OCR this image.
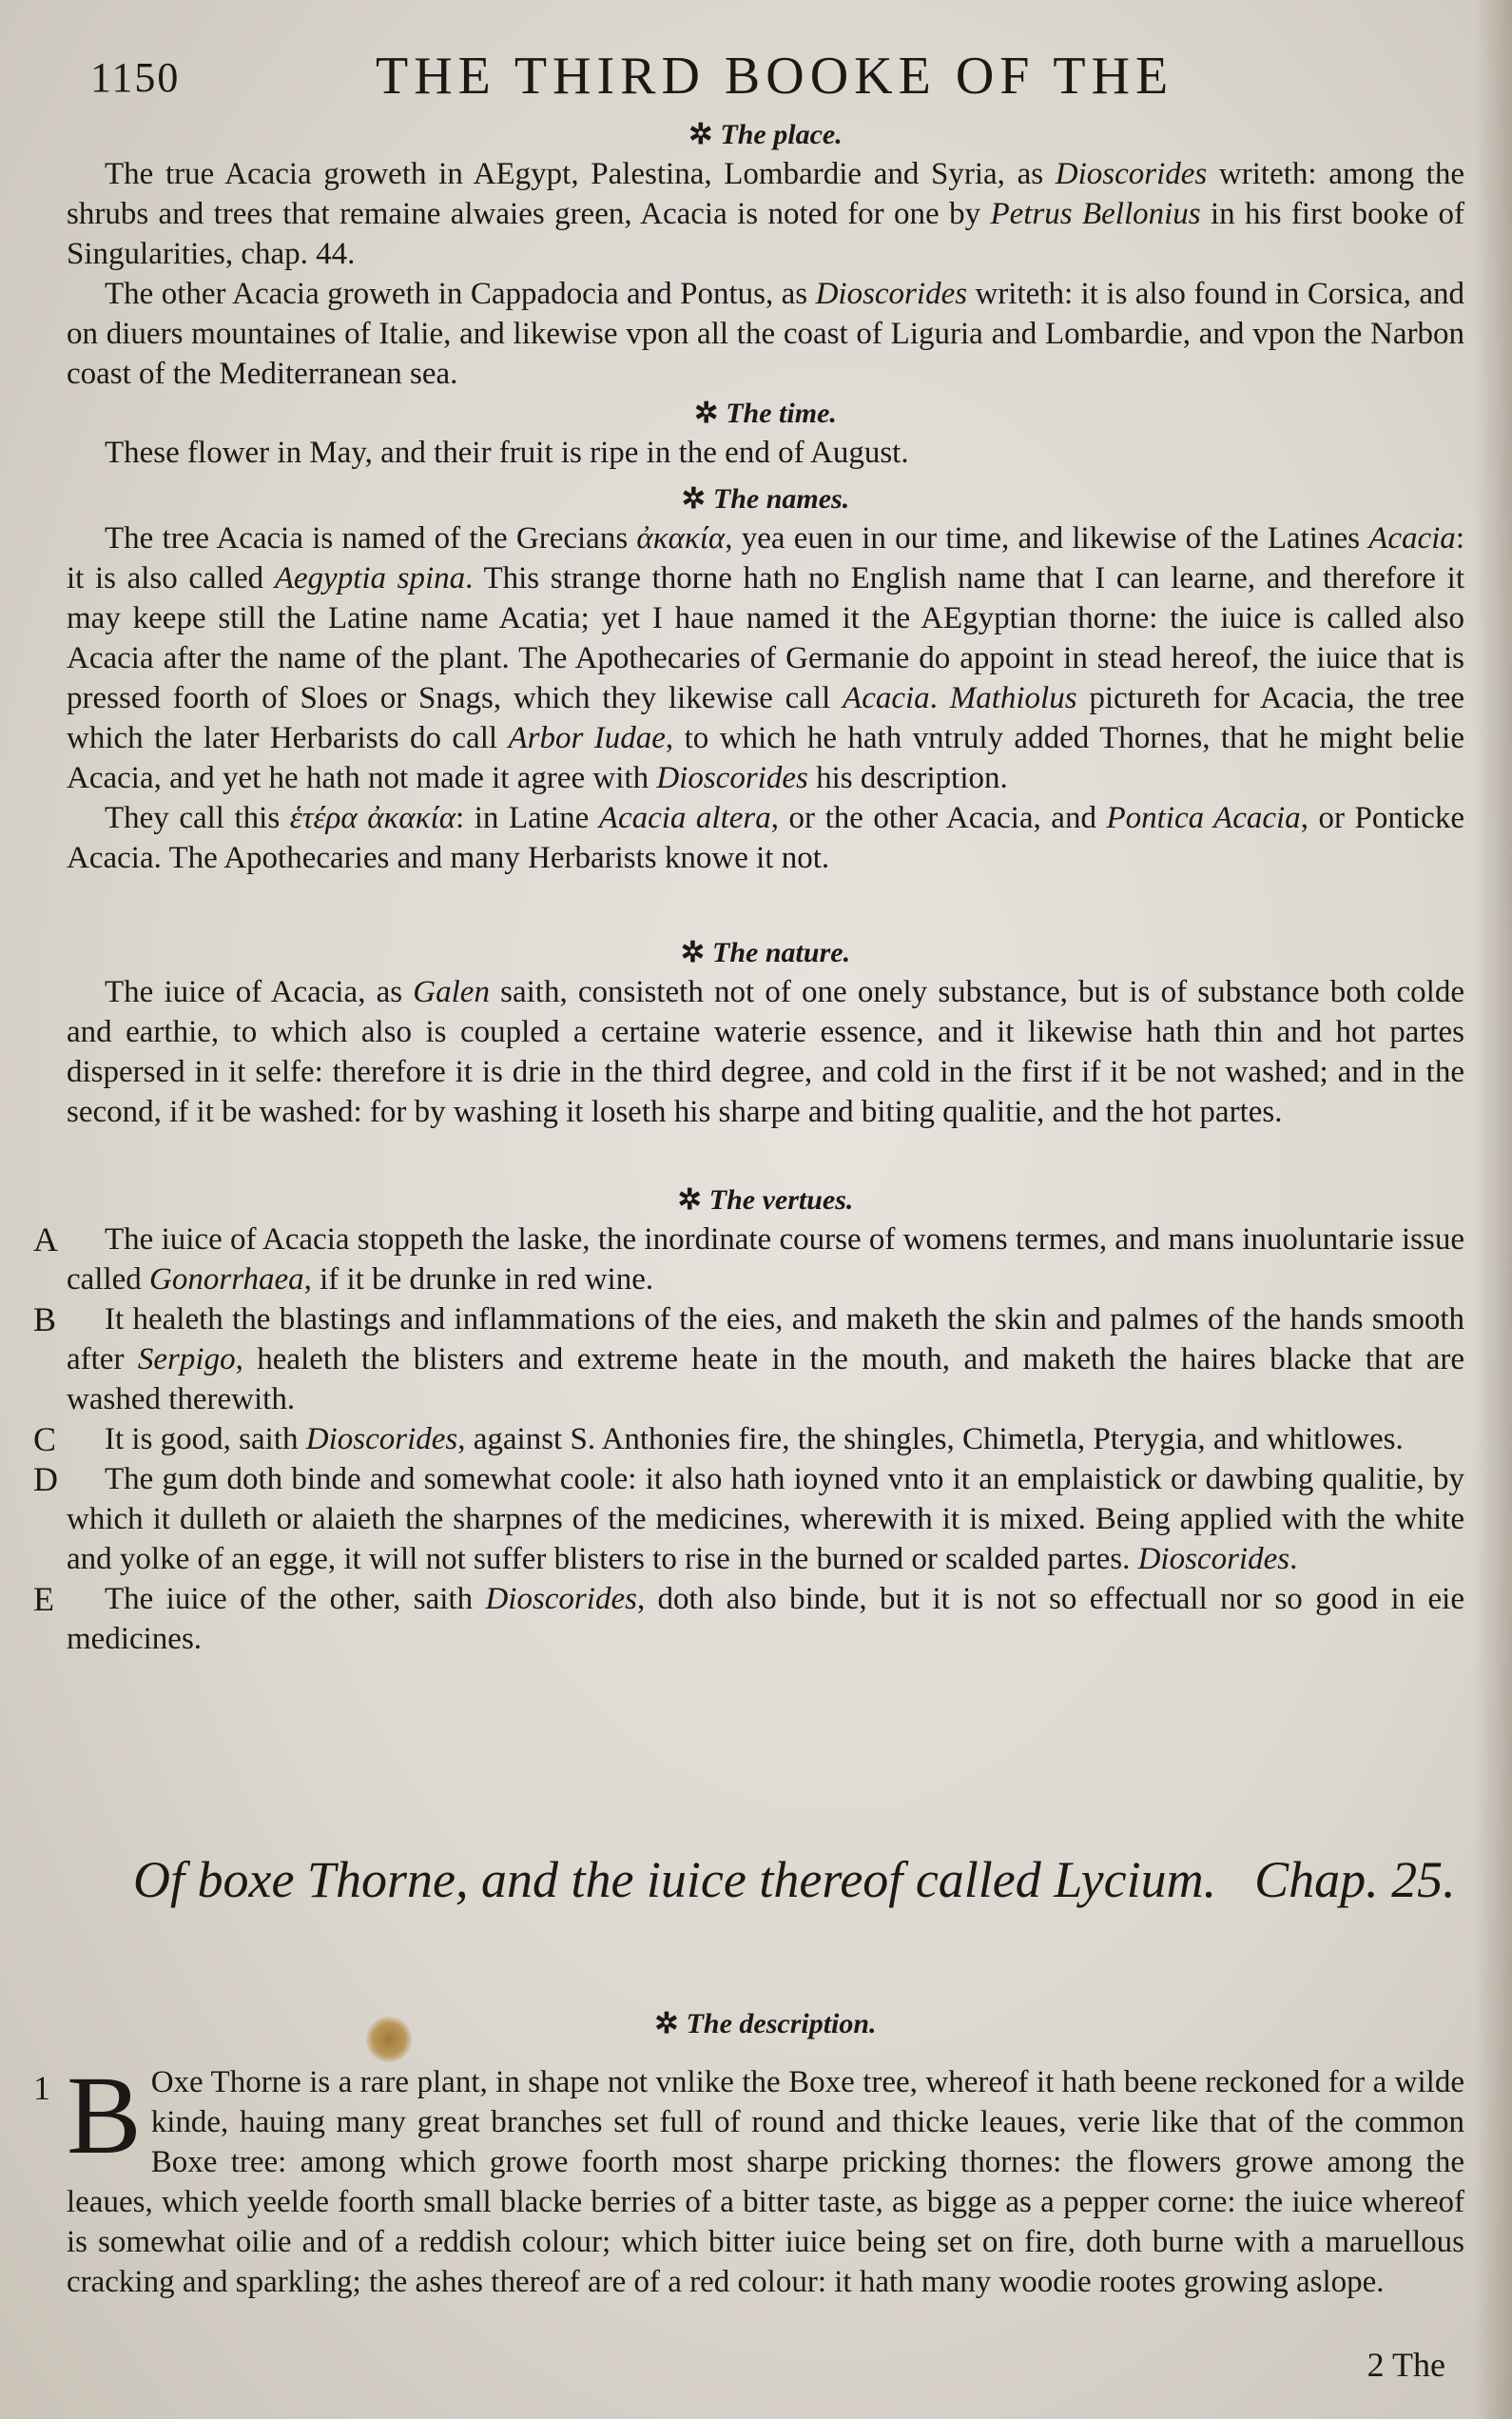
1150	THE THIRD BOOKE OF THE
✲ The place.

The true Acacia groweth in AEgypt, Palestina, Lombardie and Syria, as Dioscorides writeth: among the shrubs and trees that remaine alwaies green, Acacia is noted for one by Petrus Bellonius in his first booke of Singularities, chap. 44.

The other Acacia groweth in Cappadocia and Pontus, as Dioscorides writeth: it is also found in Corsica, and on diuers mountaines of Italie, and likewise vpon all the coast of Liguria and Lombardie, and vpon the Narbon coast of the Mediterranean sea.

✲ The time.

These flower in May, and their fruit is ripe in the end of August.

✲ The names.

The tree Acacia is named of the Grecians ἀκακία, yea euen in our time, and likewise of the Latines Acacia: it is also called Aegyptia spina. This strange thorne hath no English name that I can learne, and therefore it may keepe still the Latine name Acatia; yet I haue named it the AEgyptian thorne: the iuice is called also Acacia after the name of the plant. The Apothecaries of Germanie do appoint in stead hereof, the iuice that is pressed foorth of Sloes or Snags, which they likewise call Acacia. Mathiolus pictureth for Acacia, the tree which the later Herbarists do call Arbor Iudae, to which he hath vntruly added Thornes, that he might belie Acacia, and yet he hath not made it agree with Dioscorides his description.

They call this ἑτέρα ἀκακία: in Latine Acacia altera, or the other Acacia, and Pontica Acacia, or Ponticke Acacia. The Apothecaries and many Herbarists knowe it not.

✲ The nature.

The iuice of Acacia, as Galen saith, consisteth not of one onely substance, but is of substance both colde and earthie, to which also is coupled a certaine waterie essence, and it likewise hath thin and hot partes dispersed in it selfe: therefore it is drie in the third degree, and cold in the first if it be not washed; and in the second, if it be washed: for by washing it loseth his sharpe and biting qualitie, and the hot partes.

✲ The vertues.
A	The iuice of Acacia stoppeth the laske, the inordinate course of womens termes, and mans inuoluntarie issue called Gonorrhaea, if it be drunke in red wine.

B	It healeth the blastings and inflammations of the eies, and maketh the skin and palmes of the hands smooth after Serpigo, healeth the blisters and extreme heate in the mouth, and maketh the haires blacke that are washed therewith.

C	It is good, saith Dioscorides, against S. Anthonies fire, the shingles, Chimetla, Pterygia, and whitlowes.

D	The gum doth binde and somewhat coole: it also hath ioyned vnto it an emplaistick or dawbing qualitie, by which it dulleth or alaieth the sharpnes of the medicines, wherewith it is mixed. Being applied with the white and yolke of an egge, it will not suffer blisters to rise in the burned or scalded partes. Dioscorides.

E	The iuice of the other, saith Dioscorides, doth also binde, but it is not so effectuall nor so good in eie medicines.

Of boxe Thorne, and the iuice thereof called Lycium. Chap. 25.
✲ The description.
1 B Oxe Thorne is a rare plant, in shape not vnlike the Boxe tree, whereof it hath beene reckoned for a wilde kinde, hauing many great branches set full of round and thicke leaues, verie like that of the common Boxe tree: among which growe foorth most sharpe pricking thornes: the flowers growe among the leaues, which yeelde foorth small blacke berries of a bitter taste, as bigge as a pepper corne: the iuice whereof is somewhat oilie and of a reddish colour; which bitter iuice being set on fire, doth burne with a maruellous cracking and sparkling; the ashes thereof are of a red colour: it hath many woodie rootes growing aslope.

2 The
